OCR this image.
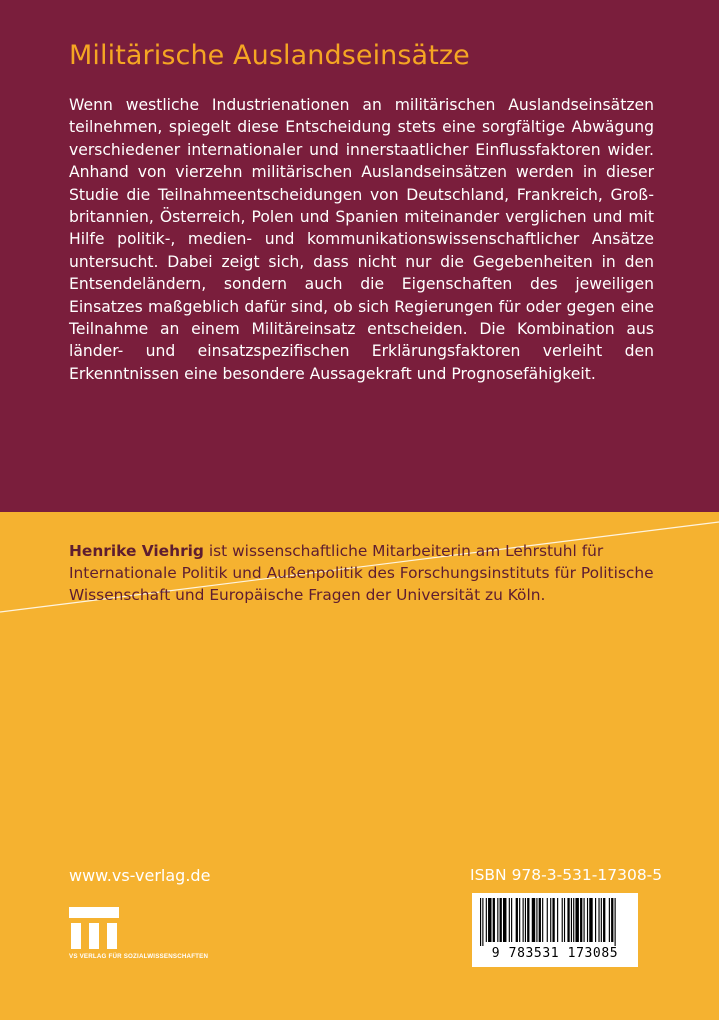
Militärische Auslandseinsätze

Wenn westliche Industrienationen an militärischen Auslandseinsätzen teilnehmen, spiegelt diese Entscheidung stets eine sorgfältige Abwägung verschiedener internationaler und innerstaatlicher Einflussfaktoren wider. Anhand von vierzehn militärischen Auslandseinsätzen werden in dieser Studie die Teilnahmeentscheidungen von Deutschland, Frankreich, Groß-britannien, Österreich, Polen und Spanien miteinander verglichen und mit Hilfe politik-, medien- und kommunikationswissenschaftlicher Ansätze untersucht. Dabei zeigt sich, dass nicht nur die Gegebenheiten in den Entsendeländern, sondern auch die Eigenschaften des jeweiligen Einsatzes maßgeblich dafür sind, ob sich Regierungen für oder gegen eine Teilnahme an einem Militäreinsatz entscheiden. Die Kombination aus länder- und einsatzspezifischen Erklärungsfaktoren verleiht den Erkenntnissen eine besondere Aussagekraft und Prognosefähigkeit.

Henrike Viehrig ist wissenschaftliche Mitarbeiterin am Lehrstuhl für Internationale Politik und Außenpolitik des Forschungsinstituts für Politische Wissenschaft und Europäische Fragen der Universität zu Köln.

www.vs-verlag.de
VS VERLAG FÜR SOZIALWISSENSCHAFTEN
ISBN 978-3-531-17308-5
9 783531 173085
